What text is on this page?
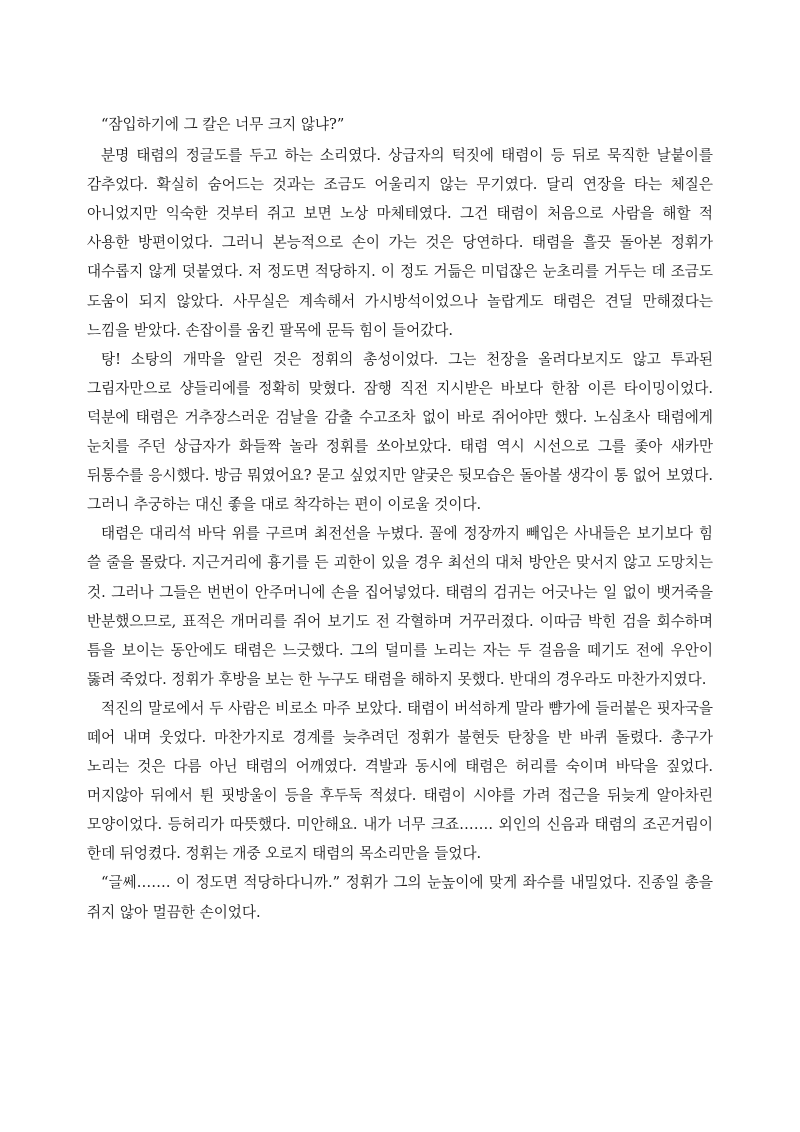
“잠입하기에 그 칼은 너무 크지 않냐?”

분명 태렴의 정글도를 두고 하는 소리였다. 상급자의 턱짓에 태렴이 등 뒤로 묵직한 날붙이를 감추었다. 확실히 숨어드는 것과는 조금도 어울리지 않는 무기였다. 달리 연장을 타는 체질은 아니었지만 익숙한 것부터 쥐고 보면 노상 마체테였다. 그건 태렴이 처음으로 사람을 해할 적 사용한 방편이었다. 그러니 본능적으로 손이 가는 것은 당연하다. 태렴을 흘끗 돌아본 정휘가 대수롭지 않게 덧붙였다. 저 정도면 적당하지. 이 정도 거듦은 미덥잖은 눈초리를 거두는 데 조금도 도움이 되지 않았다. 사무실은 계속해서 가시방석이었으나 놀랍게도 태렴은 견딜 만해졌다는 느낌을 받았다. 손잡이를 움킨 팔목에 문득 힘이 들어갔다.

탕! 소탕의 개막을 알린 것은 정휘의 총성이었다. 그는 천장을 올려다보지도 않고 투과된 그림자만으로 샹들리에를 정확히 맞혔다. 잠행 직전 지시받은 바보다 한참 이른 타이밍이었다. 덕분에 태렴은 거추장스러운 검날을 감출 수고조차 없이 바로 쥐어야만 했다. 노심초사 태렴에게 눈치를 주던 상급자가 화들짝 놀라 정휘를 쏘아보았다. 태렴 역시 시선으로 그를 좇아 새카만 뒤통수를 응시했다. 방금 뭐였어요? 묻고 싶었지만 얄궂은 뒷모습은 돌아볼 생각이 통 없어 보였다. 그러니 추궁하는 대신 좋을 대로 착각하는 편이 이로울 것이다.

태렴은 대리석 바닥 위를 구르며 최전선을 누볐다. 꼴에 정장까지 빼입은 사내들은 보기보다 힘 쓸 줄을 몰랐다. 지근거리에 흉기를 든 괴한이 있을 경우 최선의 대처 방안은 맞서지 않고 도망치는 것. 그러나 그들은 번번이 안주머니에 손을 집어넣었다. 태렴의 검귀는 어긋나는 일 없이 뱃거죽을 반분했으므로, 표적은 개머리를 쥐어 보기도 전 각혈하며 거꾸러졌다. 이따금 박힌 검을 회수하며 틈을 보이는 동안에도 태렴은 느긋했다. 그의 덜미를 노리는 자는 두 걸음을 떼기도 전에 우안이 뚫려 죽었다. 정휘가 후방을 보는 한 누구도 태렴을 해하지 못했다. 반대의 경우라도 마찬가지였다.

적진의 말로에서 두 사람은 비로소 마주 보았다. 태렴이 버석하게 말라 뺨가에 들러붙은 핏자국을 떼어 내며 웃었다. 마찬가지로 경계를 늦추려던 정휘가 불현듯 탄창을 반 바퀴 돌렸다. 총구가 노리는 것은 다름 아닌 태렴의 어깨였다. 격발과 동시에 태렴은 허리를 숙이며 바닥을 짚었다. 머지않아 뒤에서 튄 핏방울이 등을 후두둑 적셨다. 태렴이 시야를 가려 접근을 뒤늦게 알아차린 모양이었다. 등허리가 따뜻했다. 미안해요. 내가 너무 크죠……. 외인의 신음과 태렴의 조곤거림이 한데 뒤엉켰다. 정휘는 개중 오로지 태렴의 목소리만을 들었다.

“글쎄……. 이 정도면 적당하다니까.” 정휘가 그의 눈높이에 맞게 좌수를 내밀었다. 진종일 총을 쥐지 않아 멀끔한 손이었다.
